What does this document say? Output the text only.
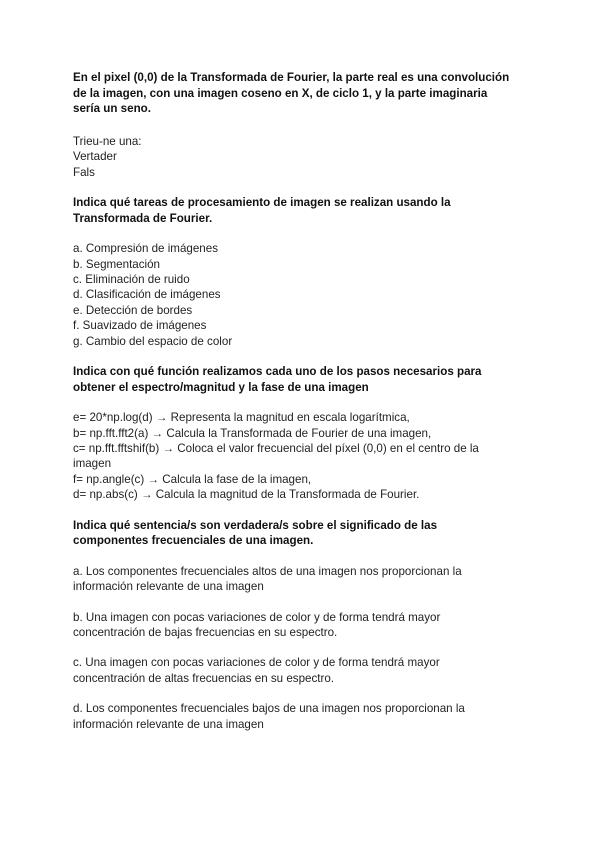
En el pixel (0,0) de la Transformada de Fourier, la parte real es una convolución de la imagen, con una imagen coseno en X, de ciclo 1, y la parte imaginaria sería un seno.

Trieu-ne una:

Vertader

Fals

Indica qué tareas de procesamiento de imagen se realizan usando la Transformada de Fourier.

a. Compresión de imágenes

b. Segmentación

c. Eliminación de ruido

d. Clasificación de imágenes

e. Detección de bordes

f. Suavizado de imágenes

g. Cambio del espacio de color

Indica con qué función realizamos cada uno de los pasos necesarios para obtener el espectro/magnitud y la fase de una imagen

e= 20*np.log(d) → Representa la magnitud en escala logarítmica,

b= np.fft.fft2(a) → Calcula la Transformada de Fourier de una imagen,

c= np.fft.fftshif(b) → Coloca el valor frecuencial del píxel (0,0) en el centro de la imagen

f= np.angle(c) → Calcula la fase de la imagen,

d= np.abs(c) → Calcula la magnitud de la Transformada de Fourier.

Indica qué sentencia/s son verdadera/s sobre el significado de las componentes frecuenciales de una imagen.

a. Los componentes frecuenciales altos de una imagen nos proporcionan la información relevante de una imagen

b. Una imagen con pocas variaciones de color y de forma tendrá mayor concentración de bajas frecuencias en su espectro.

c. Una imagen con pocas variaciones de color y de forma tendrá mayor concentración de altas frecuencias en su espectro.

d. Los componentes frecuenciales bajos de una imagen nos proporcionan la información relevante de una imagen
